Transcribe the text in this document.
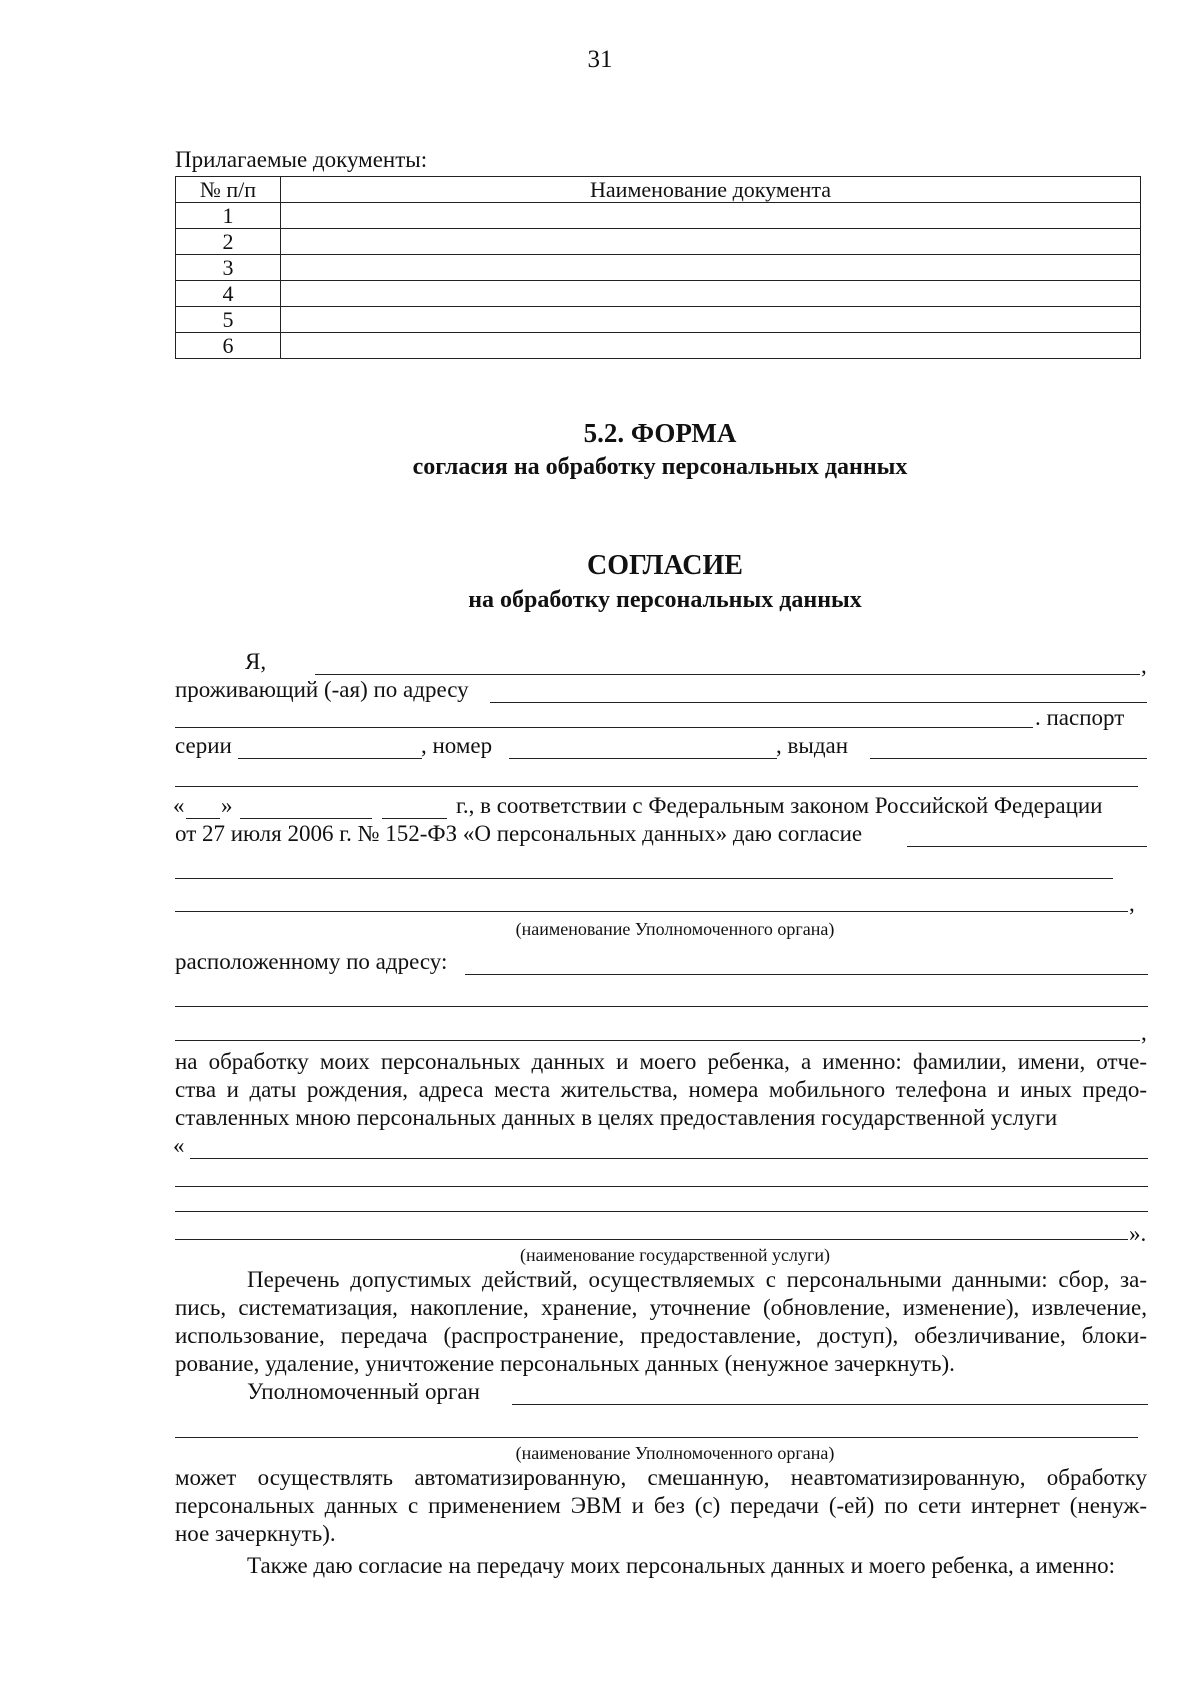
31
Прилагаемые документы:
№ п/п	Наименование документа
1	
2	
3	
4	
5	
6	
5.2. ФОРМА
согласия на обработку персональных данных
СОГЛАСИЕ
на обработку персональных данных
Я,	,
проживающий (-ая) по адресу
. паспорт
серии	, номер	, выдан
« »	г., в соответствии с Федеральным законом Российской Федерации
от 27 июля 2006 г. № 152-ФЗ «О персональных данных» даю согласие
,
(наименование Уполномоченного органа)
расположенному по адресу:
,
на обработку моих персональных данных и моего ребенка, а именно: фамилии, имени, отче-
ства и даты рождения, адреса места жительства, номера мобильного телефона и иных предо-
ставленных мною персональных данных в целях предоставления государственной услуги
«
».
(наименование государственной услуги)
Перечень допустимых действий, осуществляемых с персональными данными: сбор, за-
пись, систематизация, накопление, хранение, уточнение (обновление, изменение), извлечение,
использование, передача (распространение, предоставление, доступ), обезличивание, блоки-
рование, удаление, уничтожение персональных данных (ненужное зачеркнуть).
Уполномоченный орган
(наименование Уполномоченного органа)
может осуществлять автоматизированную, смешанную, неавтоматизированную, обработку
персональных данных с применением ЭВМ и без (с) передачи (-ей) по сети интернет (ненуж-
ное зачеркнуть).
Также даю согласие на передачу моих персональных данных и моего ребенка, а именно:
